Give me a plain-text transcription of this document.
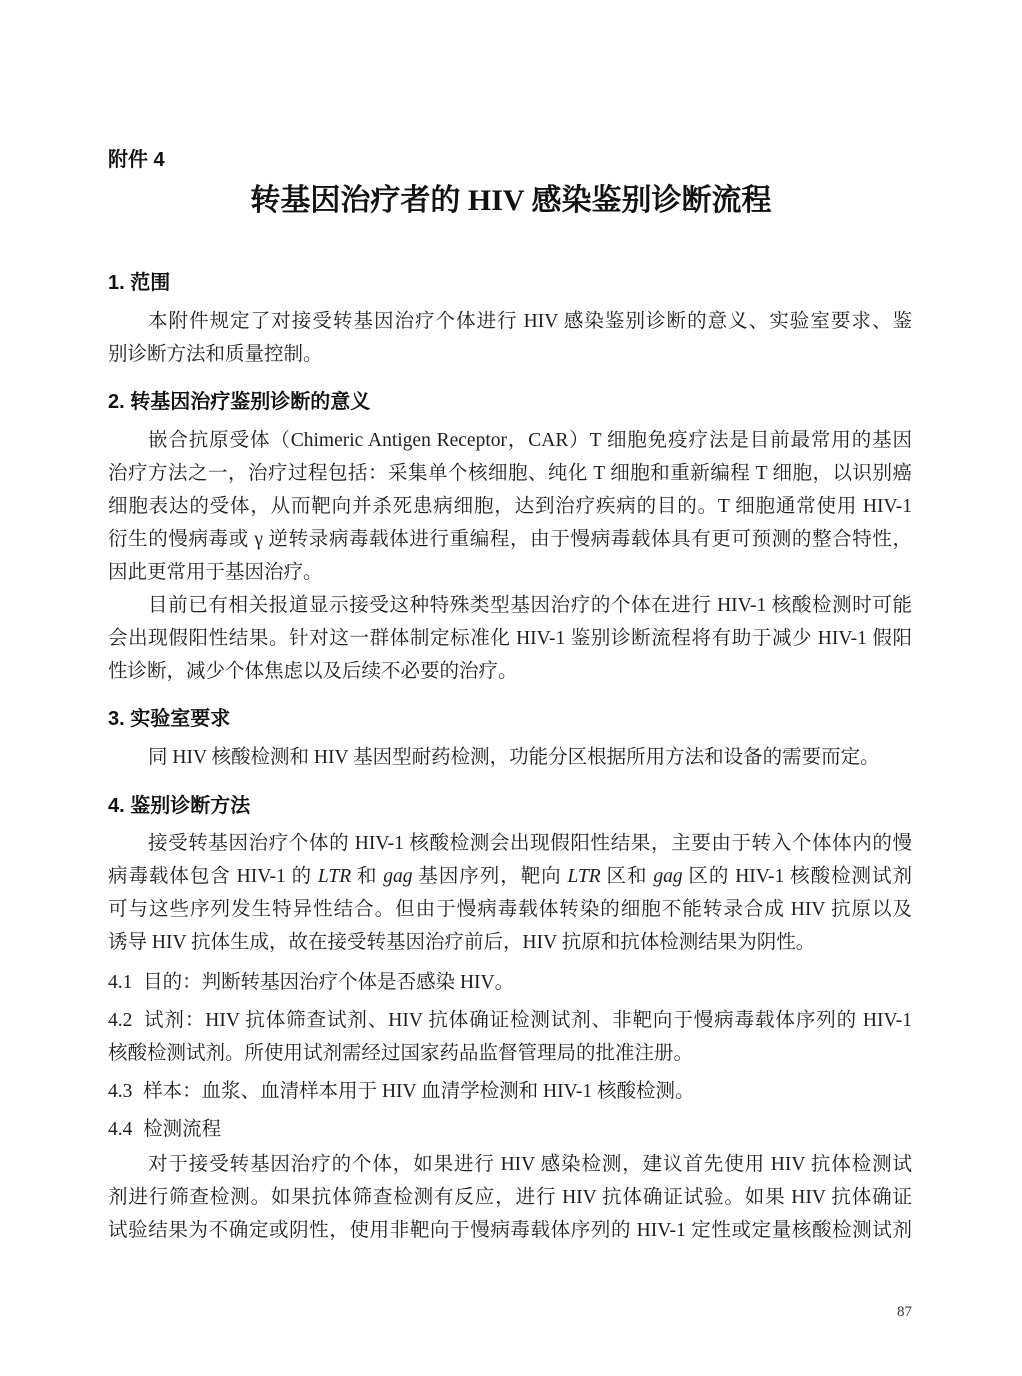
附件 4
转基因治疗者的 HIV 感染鉴别诊断流程
1. 范围
本附件规定了对接受转基因治疗个体进行 HIV 感染鉴别诊断的意义、实验室要求、鉴
别诊断方法和质量控制。
2. 转基因治疗鉴别诊断的意义
嵌合抗原受体（Chimeric Antigen Receptor，CAR）T 细胞免疫疗法是目前最常用的基因
治疗方法之一，治疗过程包括：采集单个核细胞、纯化 T 细胞和重新编程 T 细胞，以识别癌
细胞表达的受体，从而靶向并杀死患病细胞，达到治疗疾病的目的。T 细胞通常使用 HIV-1
衍生的慢病毒或 γ 逆转录病毒载体进行重编程，由于慢病毒载体具有更可预测的整合特性，
因此更常用于基因治疗。
目前已有相关报道显示接受这种特殊类型基因治疗的个体在进行 HIV-1 核酸检测时可能
会出现假阳性结果。针对这一群体制定标准化 HIV-1 鉴别诊断流程将有助于减少 HIV-1 假阳
性诊断，减少个体焦虑以及后续不必要的治疗。
3. 实验室要求
同 HIV 核酸检测和 HIV 基因型耐药检测，功能分区根据所用方法和设备的需要而定。
4. 鉴别诊断方法
接受转基因治疗个体的 HIV-1 核酸检测会出现假阳性结果，主要由于转入个体体内的慢
病毒载体包含 HIV-1 的 LTR 和 gag 基因序列，靶向 LTR 区和 gag 区的 HIV-1 核酸检测试剂
可与这些序列发生特异性结合。但由于慢病毒载体转染的细胞不能转录合成 HIV 抗原以及
诱导 HIV 抗体生成，故在接受转基因治疗前后，HIV 抗原和抗体检测结果为阴性。
4.1 目的：判断转基因治疗个体是否感染 HIV。
4.2 试剂：HIV 抗体筛查试剂、HIV 抗体确证检测试剂、非靶向于慢病毒载体序列的 HIV-1
核酸检测试剂。所使用试剂需经过国家药品监督管理局的批准注册。
4.3 样本：血浆、血清样本用于 HIV 血清学检测和 HIV-1 核酸检测。
4.4 检测流程
对于接受转基因治疗的个体，如果进行 HIV 感染检测，建议首先使用 HIV 抗体检测试
剂进行筛查检测。如果抗体筛查检测有反应，进行 HIV 抗体确证试验。如果 HIV 抗体确证
试验结果为不确定或阴性，使用非靶向于慢病毒载体序列的 HIV-1 定性或定量核酸检测试剂
87
